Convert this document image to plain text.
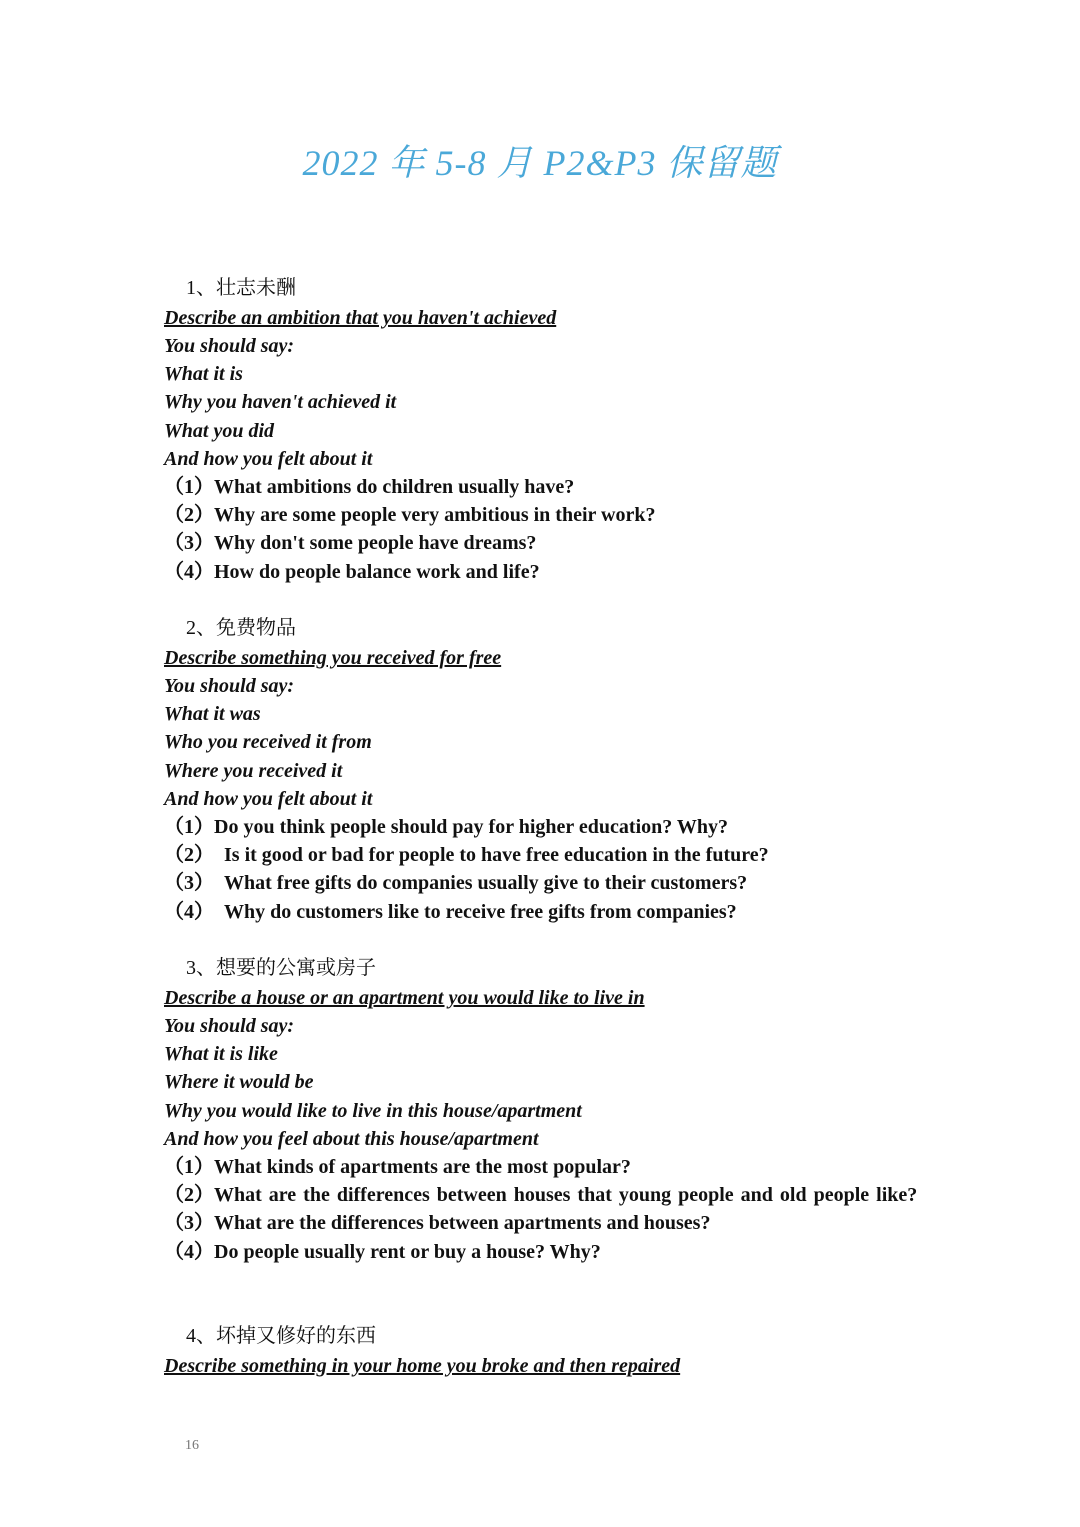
2022 年 5-8 月 P2&P3 保留题
1、壮志未酬
Describe an ambition that you haven't achieved
You should say:
What it is
Why you haven't achieved it
What you did
And how you felt about it
（1）What ambitions do children usually have?
（2）Why are some people very ambitious in their work?
（3）Why don't some people have dreams?
（4）How do people balance work and life?
2、免费物品
Describe something you received for free
You should say:
What it was
Who you received it from
Where you received it
And how you felt about it
（1）Do you think people should pay for higher education? Why?
（2） Is it good or bad for people to have free education in the future?
（3） What free gifts do companies usually give to their customers?
（4） Why do customers like to receive free gifts from companies?
3、想要的公寓或房子
Describe a house or an apartment you would like to live in
You should say:
What it is like
Where it would be
Why you would like to live in this house/apartment
And how you feel about this house/apartment
（1）What kinds of apartments are the most popular?
（2）What are the differences between houses that young people and old people like?
（3）What are the differences between apartments and houses?
（4）Do people usually rent or buy a house? Why?
4、坏掉又修好的东西
Describe something in your home you broke and then repaired
16
